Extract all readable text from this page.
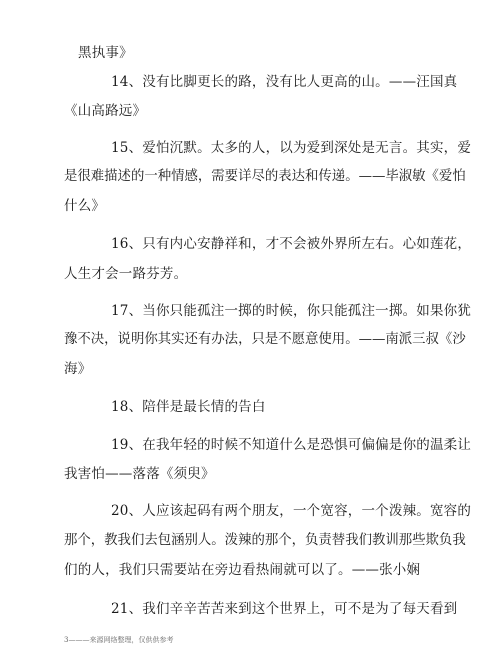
黑执事》
14、没有比脚更长的路，没有比人更高的山。——汪国真
《山高路远》
15、爱怕沉默。太多的人，以为爱到深处是无言。其实，爱
是很难描述的一种情感，需要详尽的表达和传递。——毕淑敏《爱怕
什么》
16、只有内心安静祥和，才不会被外界所左右。心如莲花，
人生才会一路芬芳。
17、当你只能孤注一掷的时候，你只能孤注一掷。如果你犹
豫不决，说明你其实还有办法，只是不愿意使用。——南派三叔《沙
海》
18、陪伴是最长情的告白
19、在我年轻的时候不知道什么是恐惧可偏偏是你的温柔让
我害怕——落落《须臾》
20、人应该起码有两个朋友，一个宽容，一个泼辣。宽容的
那个，教我们去包涵别人。泼辣的那个，负责替我们教训那些欺负我
们的人，我们只需要站在旁边看热闹就可以了。——张小娴
21、我们辛辛苦苦来到这个世界上，可不是为了每天看到
3———来源网络整理，仅供供参考
